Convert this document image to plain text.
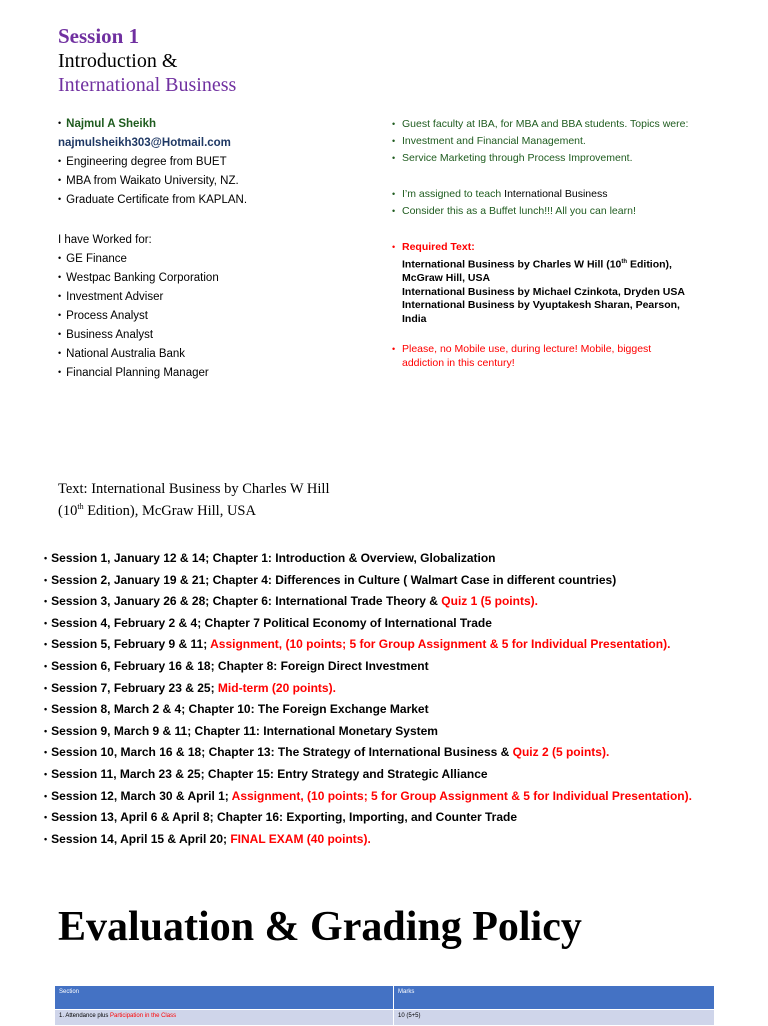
Session 1
Introduction &
International Business
• Najmul A Sheikh
najmulsheikh303@Hotmail.com
• Engineering degree from BUET
• MBA from Waikato University, NZ.
• Graduate Certificate from KAPLAN.
I have Worked for:
• GE Finance
• Westpac Banking Corporation
• Investment Adviser
• Process Analyst
• Business Analyst
• National Australia Bank
• Financial Planning Manager
• Guest faculty at IBA, for MBA and BBA students. Topics were:
• Investment and Financial Management.
• Service Marketing through Process Improvement.
• I’m assigned to teach International Business
• Consider this as a Buffet lunch!!! All you can learn!
• Required Text:
International Business by Charles W Hill (10th Edition),
McGraw Hill, USA
International Business by Michael Czinkota, Dryden USA
International Business by Vyuptakesh Sharan, Pearson,
India
• Please, no Mobile use, during lecture! Mobile, biggest addiction in this century!
Text: International Business by Charles W Hill
(10th Edition), McGraw Hill, USA
• Session 1, January 12 & 14; Chapter 1: Introduction & Overview, Globalization
• Session 2, January 19 & 21; Chapter 4: Differences in Culture ( Walmart Case in different countries)
• Session 3, January 26 & 28; Chapter 6: International Trade Theory & Quiz 1 (5 points).
• Session 4, February 2 & 4; Chapter 7 Political Economy of International Trade
• Session 5, February 9 & 11; Assignment, (10 points; 5 for Group Assignment & 5 for Individual Presentation).
• Session 6, February 16 & 18; Chapter 8: Foreign Direct Investment
• Session 7, February 23 & 25; Mid-term (20 points).
• Session 8, March 2 & 4; Chapter 10: The Foreign Exchange Market
• Session 9, March 9 & 11; Chapter 11: International Monetary System
• Session 10, March 16 & 18; Chapter 13: The Strategy of International Business & Quiz 2 (5 points).
• Session 11, March 23 & 25; Chapter 15: Entry Strategy and Strategic Alliance
• Session 12, March 30 & April 1; Assignment, (10 points; 5 for Group Assignment & 5 for Individual Presentation).
• Session 13, April 6 & April 8; Chapter 16: Exporting, Importing, and Counter Trade
• Session 14, April 15 & April 20; FINAL EXAM (40 points).
Evaluation & Grading Policy
Section	Marks
1. Attendance plus Participation in the Class	10 (5+5)
